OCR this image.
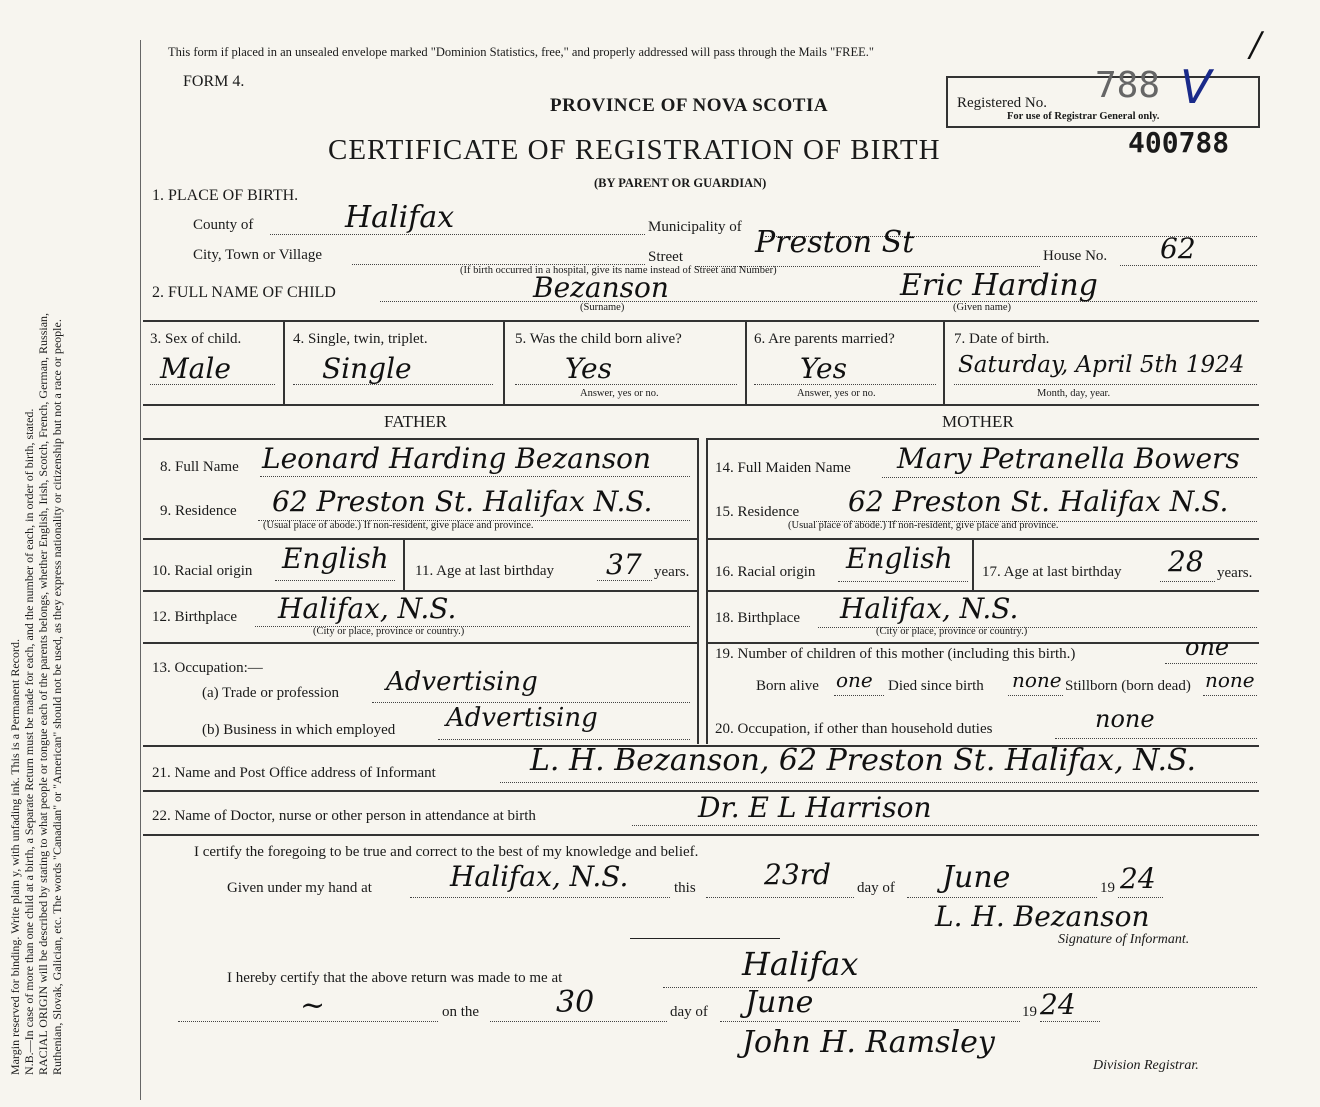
Margin reserved for binding. Write plain y, with unfading ink. This is a Permanent Record. N.B.—In case of more than one child at a birth, a Separate Return must be made for each, and the number of each, in order of birth, stated. RACIAL ORIGIN will be described by stating to what people or tongue each of the parents belongs, whether English, Irish, Scotch, French, German, Russian, Ruthenian, Slovak, Galician, etc. The words "Canadian" or "American" should not be used, as they express nationality or citizenship but not a race or people.

This form if placed in an unsealed envelope marked "Dominion Statistics, free," and properly addressed will pass through the Mails "FREE."
FORM 4.
PROVINCE OF NOVA SCOTIA
CERTIFICATE OF REGISTRATION OF BIRTH
(BY PARENT OR GUARDIAN)
Registered No. 788 V
For use of Registrar General only.
400788
/
1. PLACE OF BIRTH.
County of	Halifax	Municipality of
City, Town or Village	Street Preston St	House No. 62
(If birth occurred in a hospital, give its name instead of Street and Number)
2. FULL NAME OF CHILD	Bezanson
(Surname)
Eric Harding
(Given name)
3. Sex of child.
Male
4. Single, twin, triplet.
Single
5. Was the child born alive?
Yes
Answer, yes or no.
6. Are parents married?
Yes
Answer, yes or no.
7. Date of birth.
Saturday, April 5th 1924
Month, day, year.
FATHER	MOTHER
8. Full Name Leonard Harding Bezanson
9. Residence 62 Preston St. Halifax N.S.
(Usual place of abode.) If non-resident, give place and province.
10. Racial origin English 11. Age at last birthday 37 years.
12. Birthplace Halifax, N.S.
(City or place, province or country.)
13. Occupation:—
(a) Trade or profession Advertising
(b) Business in which employed Advertising
14. Full Maiden Name Mary Petranella Bowers
15. Residence 62 Preston St. Halifax N.S.
(Usual place of abode.) If non-resident, give place and province.
16. Racial origin English 17. Age at last birthday 28 years.
18. Birthplace Halifax, N.S.
(City or place, province or country.)
19. Number of children of this mother (including this birth.)	one
Born alive one Died since birth none Stillborn (born dead) none
20. Occupation, if other than household duties	none
21. Name and Post Office address of Informant	L. H. Bezanson, 62 Preston St. Halifax, N.S.
22. Name of Doctor, nurse or other person in attendance at birth	Dr. E L Harrison
I certify the foregoing to be true and correct to the best of my knowledge and belief.
Given under my hand at	Halifax, N.S.	this 23rd day of June	19 24
L. H. Bezanson
Signature of Informant.
I hereby certify that the above return was made to me at	Halifax
~	on the	30	day of June	19 24
John H. Ramsley
Division Registrar.
